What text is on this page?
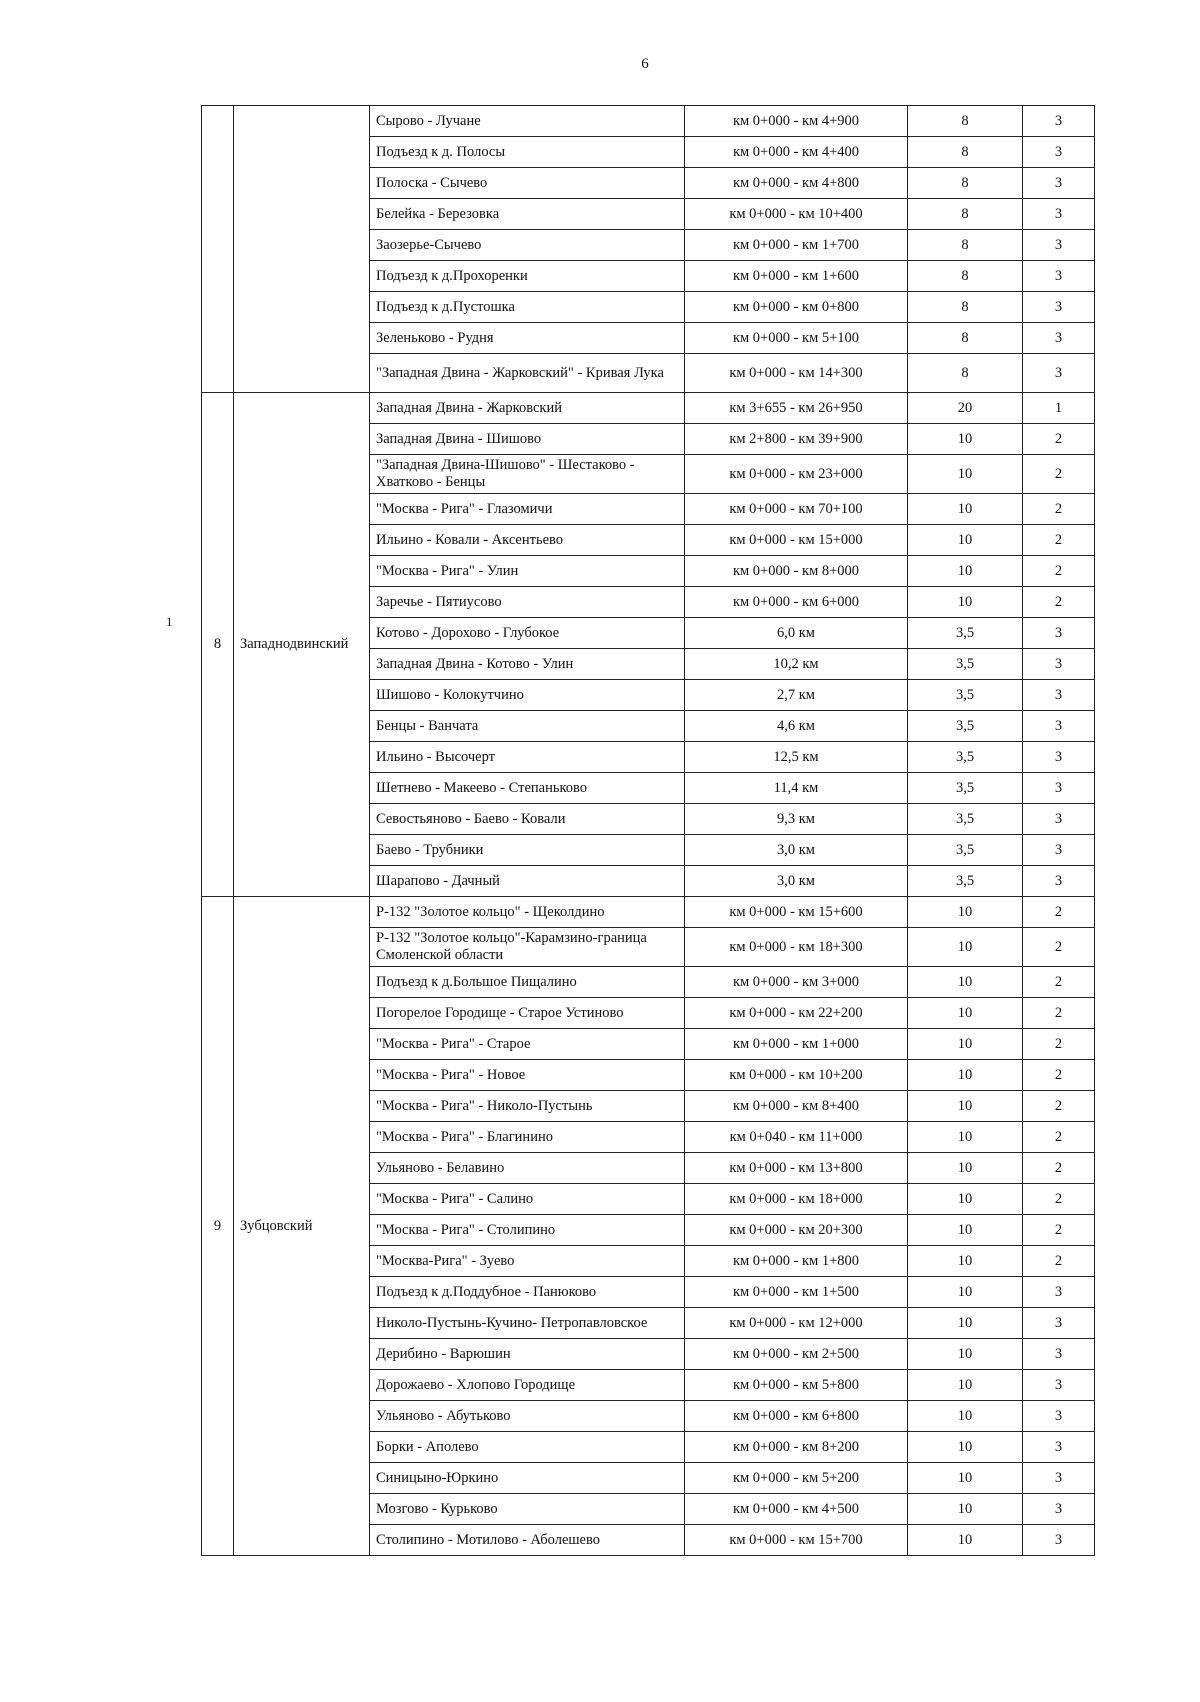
6
1
		Сырово - Лучане	км 0+000 - км 4+900	8	3
		Подъезд к д. Полосы	км 0+000 - км 4+400	8	3
		Полоска - Сычево	км 0+000 - км 4+800	8	3
		Белейка - Березовка	км 0+000 - км 10+400	8	3
		Заозерье-Сычево	км 0+000 - км 1+700	8	3
		Подъезд к д.Прохоренки	км 0+000 - км 1+600	8	3
		Подъезд к д.Пустошка	км 0+000 - км 0+800	8	3
		Зеленьково - Рудня	км 0+000 - км 5+100	8	3
		"Западная Двина - Жарковский" - Кривая Лука	км 0+000 - км 14+300	8	3
8	Западнодвинский	Западная Двина - Жарковский	км 3+655 - км 26+950	20	1
		Западная Двина - Шишово	км 2+800 - км 39+900	10	2
		"Западная Двина-Шишово" - Шестаково - Хватково - Бенцы	км 0+000 - км 23+000	10	2
		"Москва - Рига" - Глазомичи	км 0+000 - км 70+100	10	2
		Ильино - Ковали - Аксентьево	км 0+000 - км 15+000	10	2
		"Москва - Рига" - Улин	км 0+000 - км 8+000	10	2
		Заречье - Пятиусово	км 0+000 - км 6+000	10	2
		Котово - Дорохово - Глубокое	6,0 км	3,5	3
		Западная Двина - Котово - Улин	10,2 км	3,5	3
		Шишово - Колокутчино	2,7 км	3,5	3
		Бенцы - Ванчата	4,6 км	3,5	3
		Ильино - Высочерт	12,5 км	3,5	3
		Шетнево - Макеево - Степаньково	11,4 км	3,5	3
		Севостьяново - Баево - Ковали	9,3 км	3,5	3
		Баево - Трубники	3,0 км	3,5	3
		Шарапово - Дачный	3,0 км	3,5	3
9	Зубцовский	Р-132 "Золотое кольцо" - Щеколдино	км 0+000 - км 15+600	10	2
		Р-132 "Золотое кольцо"-Карамзино-граница Смоленской области	км 0+000 - км 18+300	10	2
		Подъезд к д.Большое Пищалино	км 0+000 - км 3+000	10	2
		Погорелое Городище - Старое Устиново	км 0+000 - км 22+200	10	2
		"Москва - Рига" - Старое	км 0+000 - км 1+000	10	2
		"Москва - Рига" - Новое	км 0+000 - км 10+200	10	2
		"Москва - Рига" - Николо-Пустынь	км 0+000 - км 8+400	10	2
		"Москва - Рига" - Благинино	км 0+040 - км 11+000	10	2
		Ульяново - Белавино	км 0+000 - км 13+800	10	2
		"Москва - Рига" - Салино	км 0+000 - км 18+000	10	2
		"Москва - Рига" - Столипино	км 0+000 - км 20+300	10	2
		"Москва-Рига" - Зуево	км 0+000 - км 1+800	10	2
		Подъезд к д.Поддубное - Панюково	км 0+000 - км 1+500	10	3
		Николо-Пустынь-Кучино- Петропавловское	км 0+000 - км 12+000	10	3
		Дерибино - Варюшин	км 0+000 - км 2+500	10	3
		Дорожаево - Хлопово Городище	км 0+000 - км 5+800	10	3
		Ульяново - Абутьково	км 0+000 - км 6+800	10	3
		Борки - Аполево	км 0+000 - км 8+200	10	3
		Синицыно-Юркино	км 0+000 - км 5+200	10	3
		Мозгово - Курьково	км 0+000 - км 4+500	10	3
		Столипино - Мотилово - Аболешево	км 0+000 - км 15+700	10	3
